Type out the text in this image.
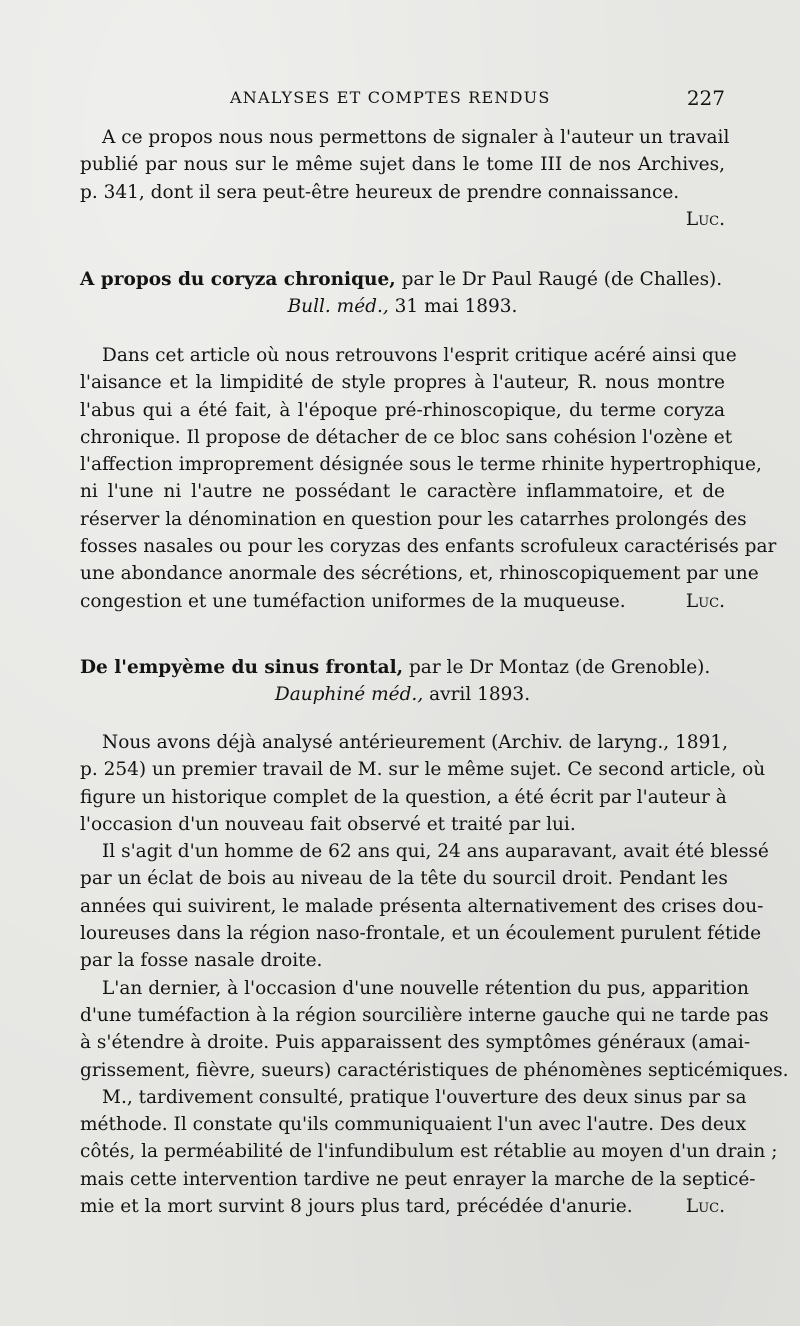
ANALYSES ET COMPTES RENDUS	227
A ce propos nous nous permettons de signaler à l'auteur un travail
publié par nous sur le même sujet dans le tome III de nos Archives,
p. 341, dont il sera peut-être heureux de prendre connaissance.
Luc.
A propos du coryza chronique, par le Dr Paul Raugé (de Challes).
Bull. méd., 31 mai 1893.
Dans cet article où nous retrouvons l'esprit critique acéré ainsi que
l'aisance et la limpidité de style propres à l'auteur, R. nous montre
l'abus qui a été fait, à l'époque pré-rhinoscopique, du terme coryza
chronique. Il propose de détacher de ce bloc sans cohésion l'ozène et
l'affection improprement désignée sous le terme rhinite hypertrophique,
ni l'une ni l'autre ne possédant le caractère inflammatoire, et de
réserver la dénomination en question pour les catarrhes prolongés des
fosses nasales ou pour les coryzas des enfants scrofuleux caractérisés par
une abondance anormale des sécrétions, et, rhinoscopiquement par une
congestion et une tuméfaction uniformes de la muqueuse.	Luc.
De l'empyème du sinus frontal, par le Dr Montaz (de Grenoble).
Dauphiné méd., avril 1893.
Nous avons déjà analysé antérieurement (Archiv. de laryng., 1891,
p. 254) un premier travail de M. sur le même sujet. Ce second article, où
figure un historique complet de la question, a été écrit par l'auteur à
l'occasion d'un nouveau fait observé et traité par lui.
Il s'agit d'un homme de 62 ans qui, 24 ans auparavant, avait été blessé
par un éclat de bois au niveau de la tête du sourcil droit. Pendant les
années qui suivirent, le malade présenta alternativement des crises dou-
loureuses dans la région naso-frontale, et un écoulement purulent fétide
par la fosse nasale droite.
L'an dernier, à l'occasion d'une nouvelle rétention du pus, apparition
d'une tuméfaction à la région sourcilière interne gauche qui ne tarde pas
à s'étendre à droite. Puis apparaissent des symptômes généraux (amai-
grissement, fièvre, sueurs) caractéristiques de phénomènes septicémiques.
M., tardivement consulté, pratique l'ouverture des deux sinus par sa
méthode. Il constate qu'ils communiquaient l'un avec l'autre. Des deux
côtés, la perméabilité de l'infundibulum est rétablie au moyen d'un drain ;
mais cette intervention tardive ne peut enrayer la marche de la septicé-
mie et la mort survint 8 jours plus tard, précédée d'anurie.	Luc.
